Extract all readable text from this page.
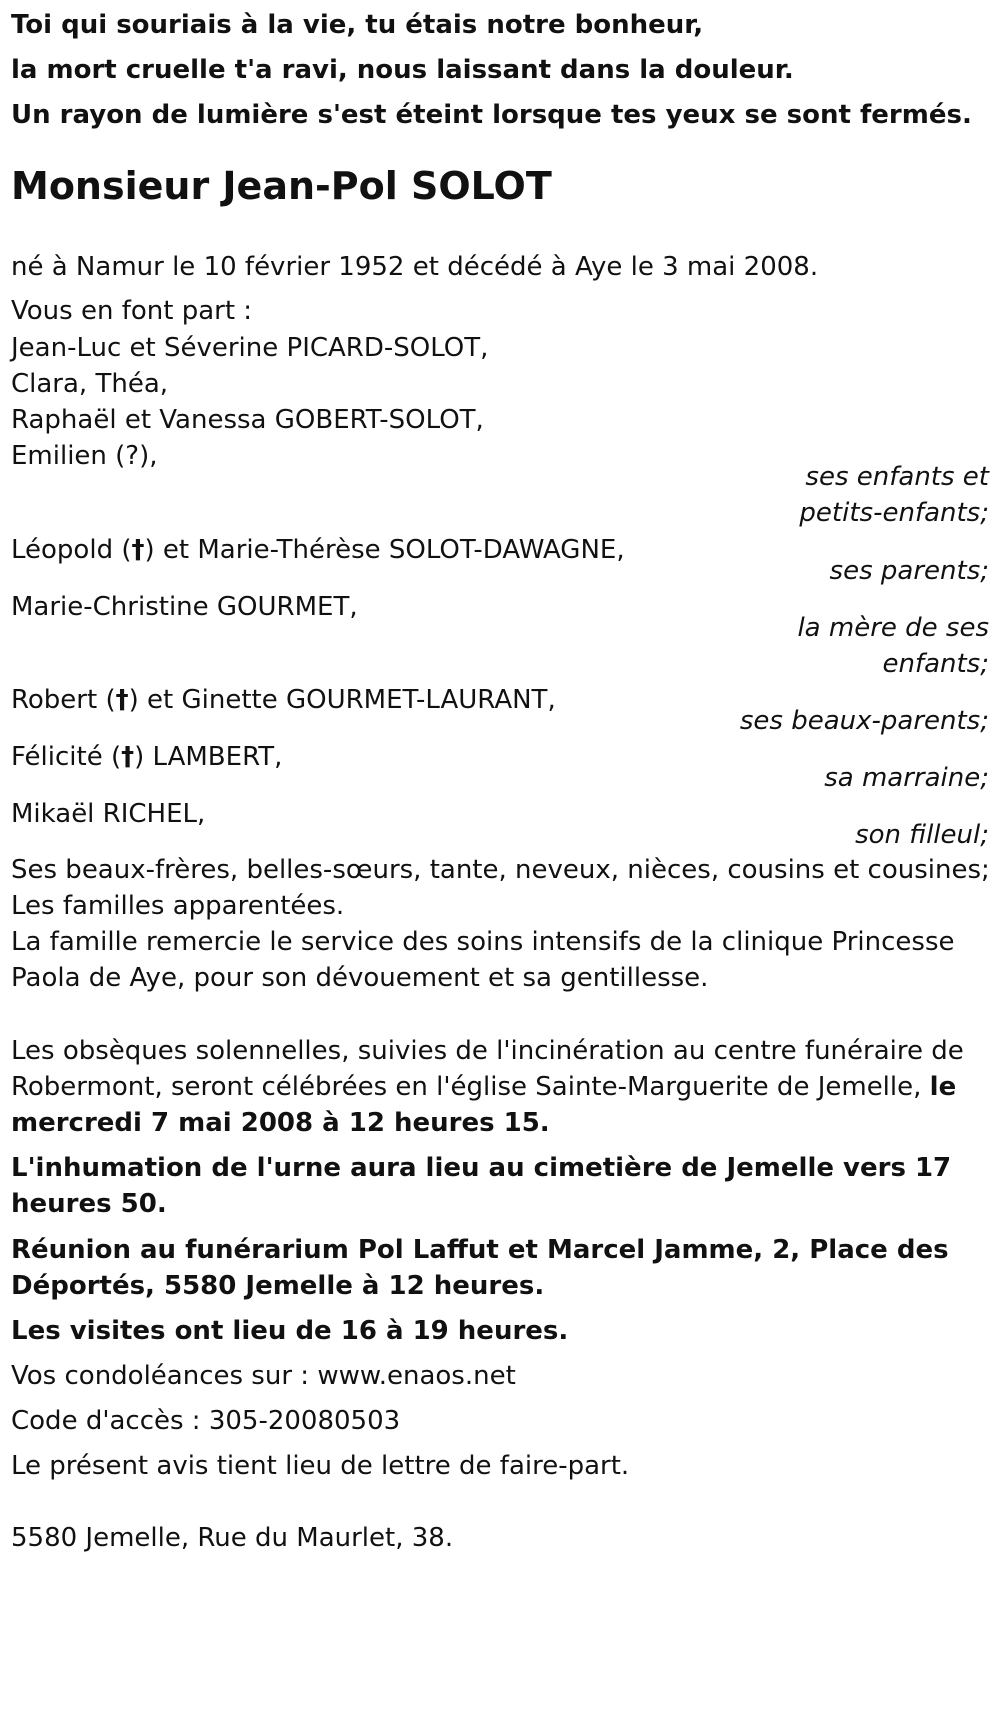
Toi qui souriais à la vie, tu étais notre bonheur,
la mort cruelle t'a ravi, nous laissant dans la douleur.
Un rayon de lumière s'est éteint lorsque tes yeux se sont fermés.
Monsieur Jean-Pol SOLOT
né à Namur le 10 février 1952 et décédé à Aye le 3 mai 2008.
Vous en font part :
Jean-Luc et Séverine PICARD-SOLOT,
Clara, Théa,
Raphaël et Vanessa GOBERT-SOLOT,
Emilien (?),
ses enfants et
petits-enfants;
Léopold (†) et Marie-Thérèse SOLOT-DAWAGNE,
ses parents;
Marie-Christine GOURMET,
la mère de ses
enfants;
Robert (†) et Ginette GOURMET-LAURANT,
ses beaux-parents;
Félicité (†) LAMBERT,
sa marraine;
Mikaël RICHEL,
son filleul;
Ses beaux-frères, belles-sœurs, tante, neveux, nièces, cousins et cousines;
Les familles apparentées.
La famille remercie le service des soins intensifs de la clinique Princesse
Paola de Aye, pour son dévouement et sa gentillesse.
Les obsèques solennelles, suivies de l'incinération au centre funéraire de
Robermont, seront célébrées en l'église Sainte-Marguerite de Jemelle, le
mercredi 7 mai 2008 à 12 heures 15.
L'inhumation de l'urne aura lieu au cimetière de Jemelle vers 17
heures 50.
Réunion au funérarium Pol Laffut et Marcel Jamme, 2, Place des
Déportés, 5580 Jemelle à 12 heures.
Les visites ont lieu de 16 à 19 heures.
Vos condoléances sur : www.enaos.net
Code d'accès : 305-20080503
Le présent avis tient lieu de lettre de faire-part.
5580 Jemelle, Rue du Maurlet, 38.
